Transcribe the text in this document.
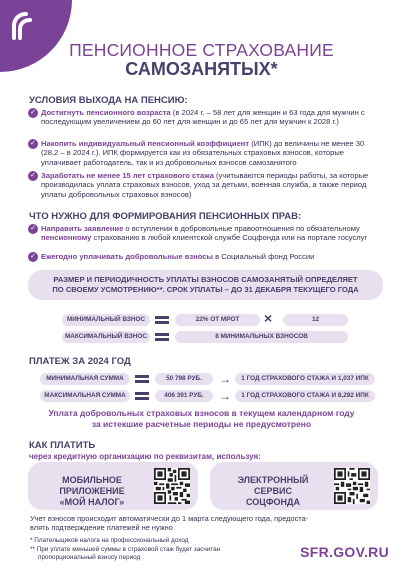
ПЕНСИОННОЕ СТРАХОВАНИЕ
САМОЗАНЯТЫХ*
УСЛОВИЯ ВЫХОДА НА ПЕНСИЮ:
✓ Достигнуть пенсионного возраста (в 2024 г. – 58 лет для женщин и 63 года для мужчин с последующим увеличением до 60 лет для женщин и до 65 лет для мужчин к 2028 г.)
✓ Накопить индивидуальный пенсионный коэффициент (ИПК) до величины не менее 30 (28,2 – в 2024 г.). ИПК формируется как из обязательных страховых взносов, которые уплачивает работодатель, так и из добровольных взносов самозанятого
✓ Заработать не менее 15 лет страхового стажа (учитываются периоды работы, за которые производилась уплата страховых взносов, уход за детьми, военная служба, а также период уплаты добровольных страховых взносов)
ЧТО НУЖНО ДЛЯ ФОРМИРОВАНИЯ ПЕНСИОННЫХ ПРАВ:
✓ Направить заявление о вступлении в добровольные правоотношения по обязательному пенсионному страхованию в любой клиентской службе Соцфонда или на портале госуслуг
✓ Ежегодно уплачивать добровольные взносы в Социальный фонд России
РАЗМЕР И ПЕРИОДИЧНОСТЬ УПЛАТЫ ВЗНОСОВ САМОЗАНЯТЫЙ ОПРЕДЕЛЯЕТ
ПО СВОЕМУ УСМОТРЕНИЮ**. СРОК УПЛАТЫ – ДО 31 ДЕКАБРЯ ТЕКУЩЕГО ГОДА
МИНИМАЛЬНЫЙ ВЗНОС	22% ОТ МРОТ	×	12
МАКСИМАЛЬНЫЙ ВЗНОС	8 МИНИМАЛЬНЫХ ВЗНОСОВ
ПЛАТЕЖ ЗА 2024 ГОД
МИНИМАЛЬНАЯ СУММА	50 798 РУБ.	→	1 ГОД СТРАХОВОГО СТАЖА И 1,037 ИПК
МАКСИМАЛЬНАЯ СУММА	406 391 РУБ.	→	1 ГОД СТРАХОВОГО СТАЖА И 8,292 ИПК
Уплата добровольных страховых взносов в текущем календарном году
за истекшие расчетные периоды не предусмотрено
КАК ПЛАТИТЬ
через кредитную организацию по реквизитам, используя:
МОБИЛЬНОЕ ПРИЛОЖЕНИЕ
«МОЙ НАЛОГ»
ЭЛЕКТРОННЫЙ СЕРВИС
СОЦФОНДА
Учет взносов происходит автоматически до 1 марта следующего года, предоста-
влять подтверждение платежей не нужно
* Плательщиков налога на профессиональный доход
** При уплате меньшей суммы в страховой стаж будет засчитан
пропорциональный взносу период	SFR.GOV.RU
